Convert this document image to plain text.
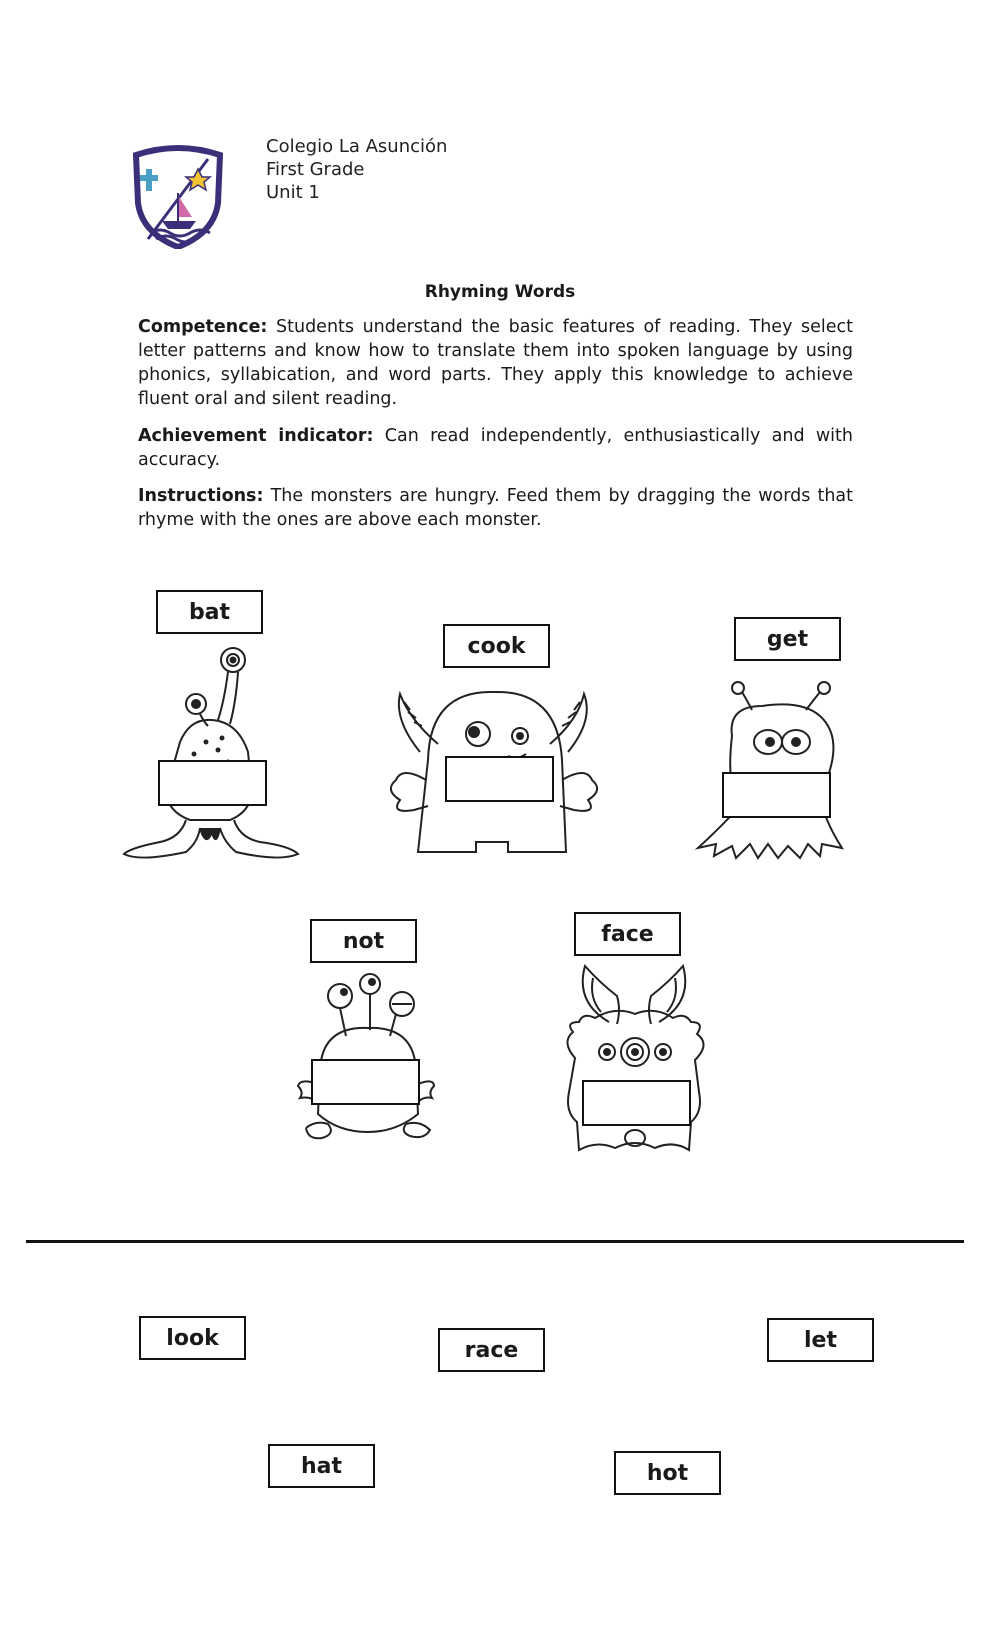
Colegio La Asunción
First Grade
Unit 1
Rhyming Words
Competence: Students understand the basic features of reading. They select letter patterns and know how to translate them into spoken language by using phonics, syllabication, and word parts. They apply this knowledge to achieve fluent oral and silent reading.
Achievement indicator: Can read independently, enthusiastically and with accuracy.
Instructions: The monsters are hungry. Feed them by dragging the words that rhyme with the ones are above each monster.
bat
cook	get
not	face
look	race	let
hat	hot
